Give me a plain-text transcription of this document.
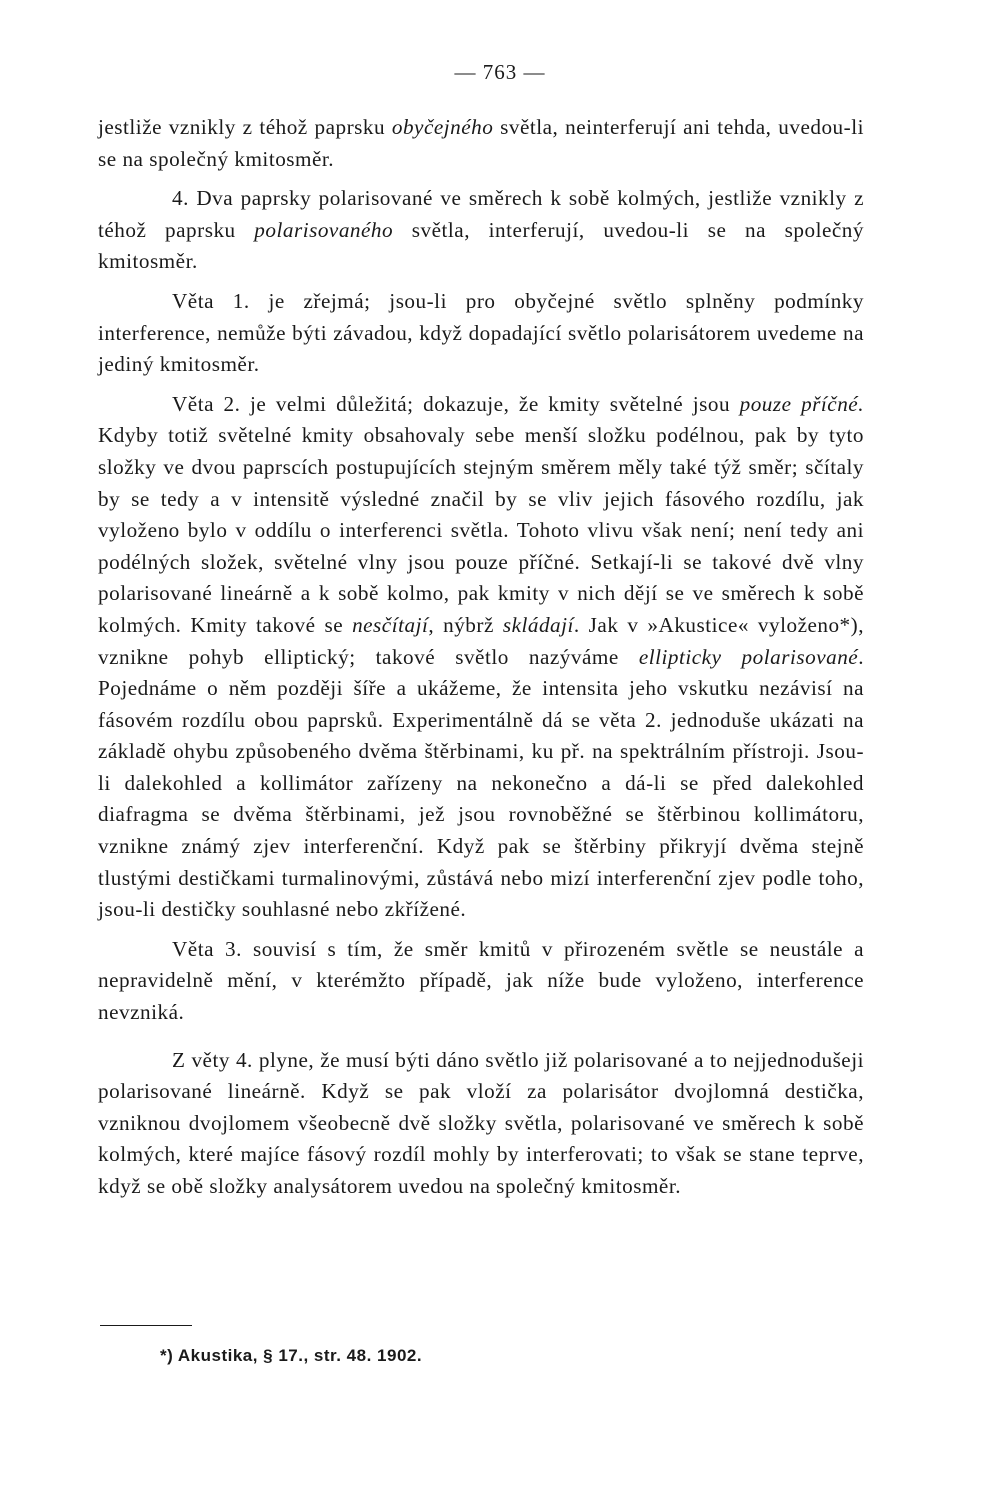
— 763 —

jestliže vznikly z téhož paprsku obyčejného světla, neinterferují ani tehda, uvedou-li se na společný kmitosměr.

4. Dva paprsky polarisované ve směrech k sobě kolmých, jestliže vznikly z téhož paprsku polarisovaného světla, interferují, uvedou-li se na společný kmitosměr.

Věta 1. je zřejmá; jsou-li pro obyčejné světlo splněny podmínky interference, nemůže býti závadou, když dopadající světlo polarisátorem uvedeme na jediný kmitosměr.

Věta 2. je velmi důležitá; dokazuje, že kmity světelné jsou pouze příčné. Kdyby totiž světelné kmity obsahovaly sebe menší složku podélnou, pak by tyto složky ve dvou paprscích postupujících stejným směrem měly také týž směr; sčítaly by se tedy a v intensitě výsledné značil by se vliv jejich fásového rozdílu, jak vyloženo bylo v oddílu o interferenci světla. Tohoto vlivu však není; není tedy ani podélných složek, světelné vlny jsou pouze příčné. Setkají-li se takové dvě vlny polarisované lineárně a k sobě kolmo, pak kmity v nich dějí se ve směrech k sobě kolmých. Kmity takové se nesčítají, nýbrž skládají. Jak v »Akustice« vyloženo*), vznikne pohyb elliptický; takové světlo nazýváme ellipticky polarisované. Pojednáme o něm později šíře a ukážeme, že intensita jeho vskutku nezávisí na fásovém rozdílu obou paprsků. Experimentálně dá se věta 2. jednoduše ukázati na základě ohybu způsobeného dvěma štěrbinami, ku př. na spektrálním přístroji. Jsou-li dalekohled a kollimátor zařízeny na nekonečno a dá-li se před dalekohled diafragma se dvěma štěrbinami, jež jsou rovnoběžné se štěrbinou kollimátoru, vznikne známý zjev interferenční. Když pak se štěrbiny přikryjí dvěma stejně tlustými destičkami turmalinovými, zůstává nebo mizí interferenční zjev podle toho, jsou-li destičky souhlasné nebo zkřížené.

Věta 3. souvisí s tím, že směr kmitů v přirozeném světle se neustále a nepravidelně mění, v kterémžto případě, jak níže bude vyloženo, interference nevzniká.

Z věty 4. plyne, že musí býti dáno světlo již polarisované a to nejjednodušeji polarisované lineárně. Když se pak vloží za polarisátor dvojlomná destička, vzniknou dvojlomem všeobecně dvě složky světla, polarisované ve směrech k sobě kolmých, které majíce fásový rozdíl mohly by interferovati; to však se stane teprve, když se obě složky analysátorem uvedou na společný kmitosměr.

*) Akustika, § 17., str. 48. 1902.
